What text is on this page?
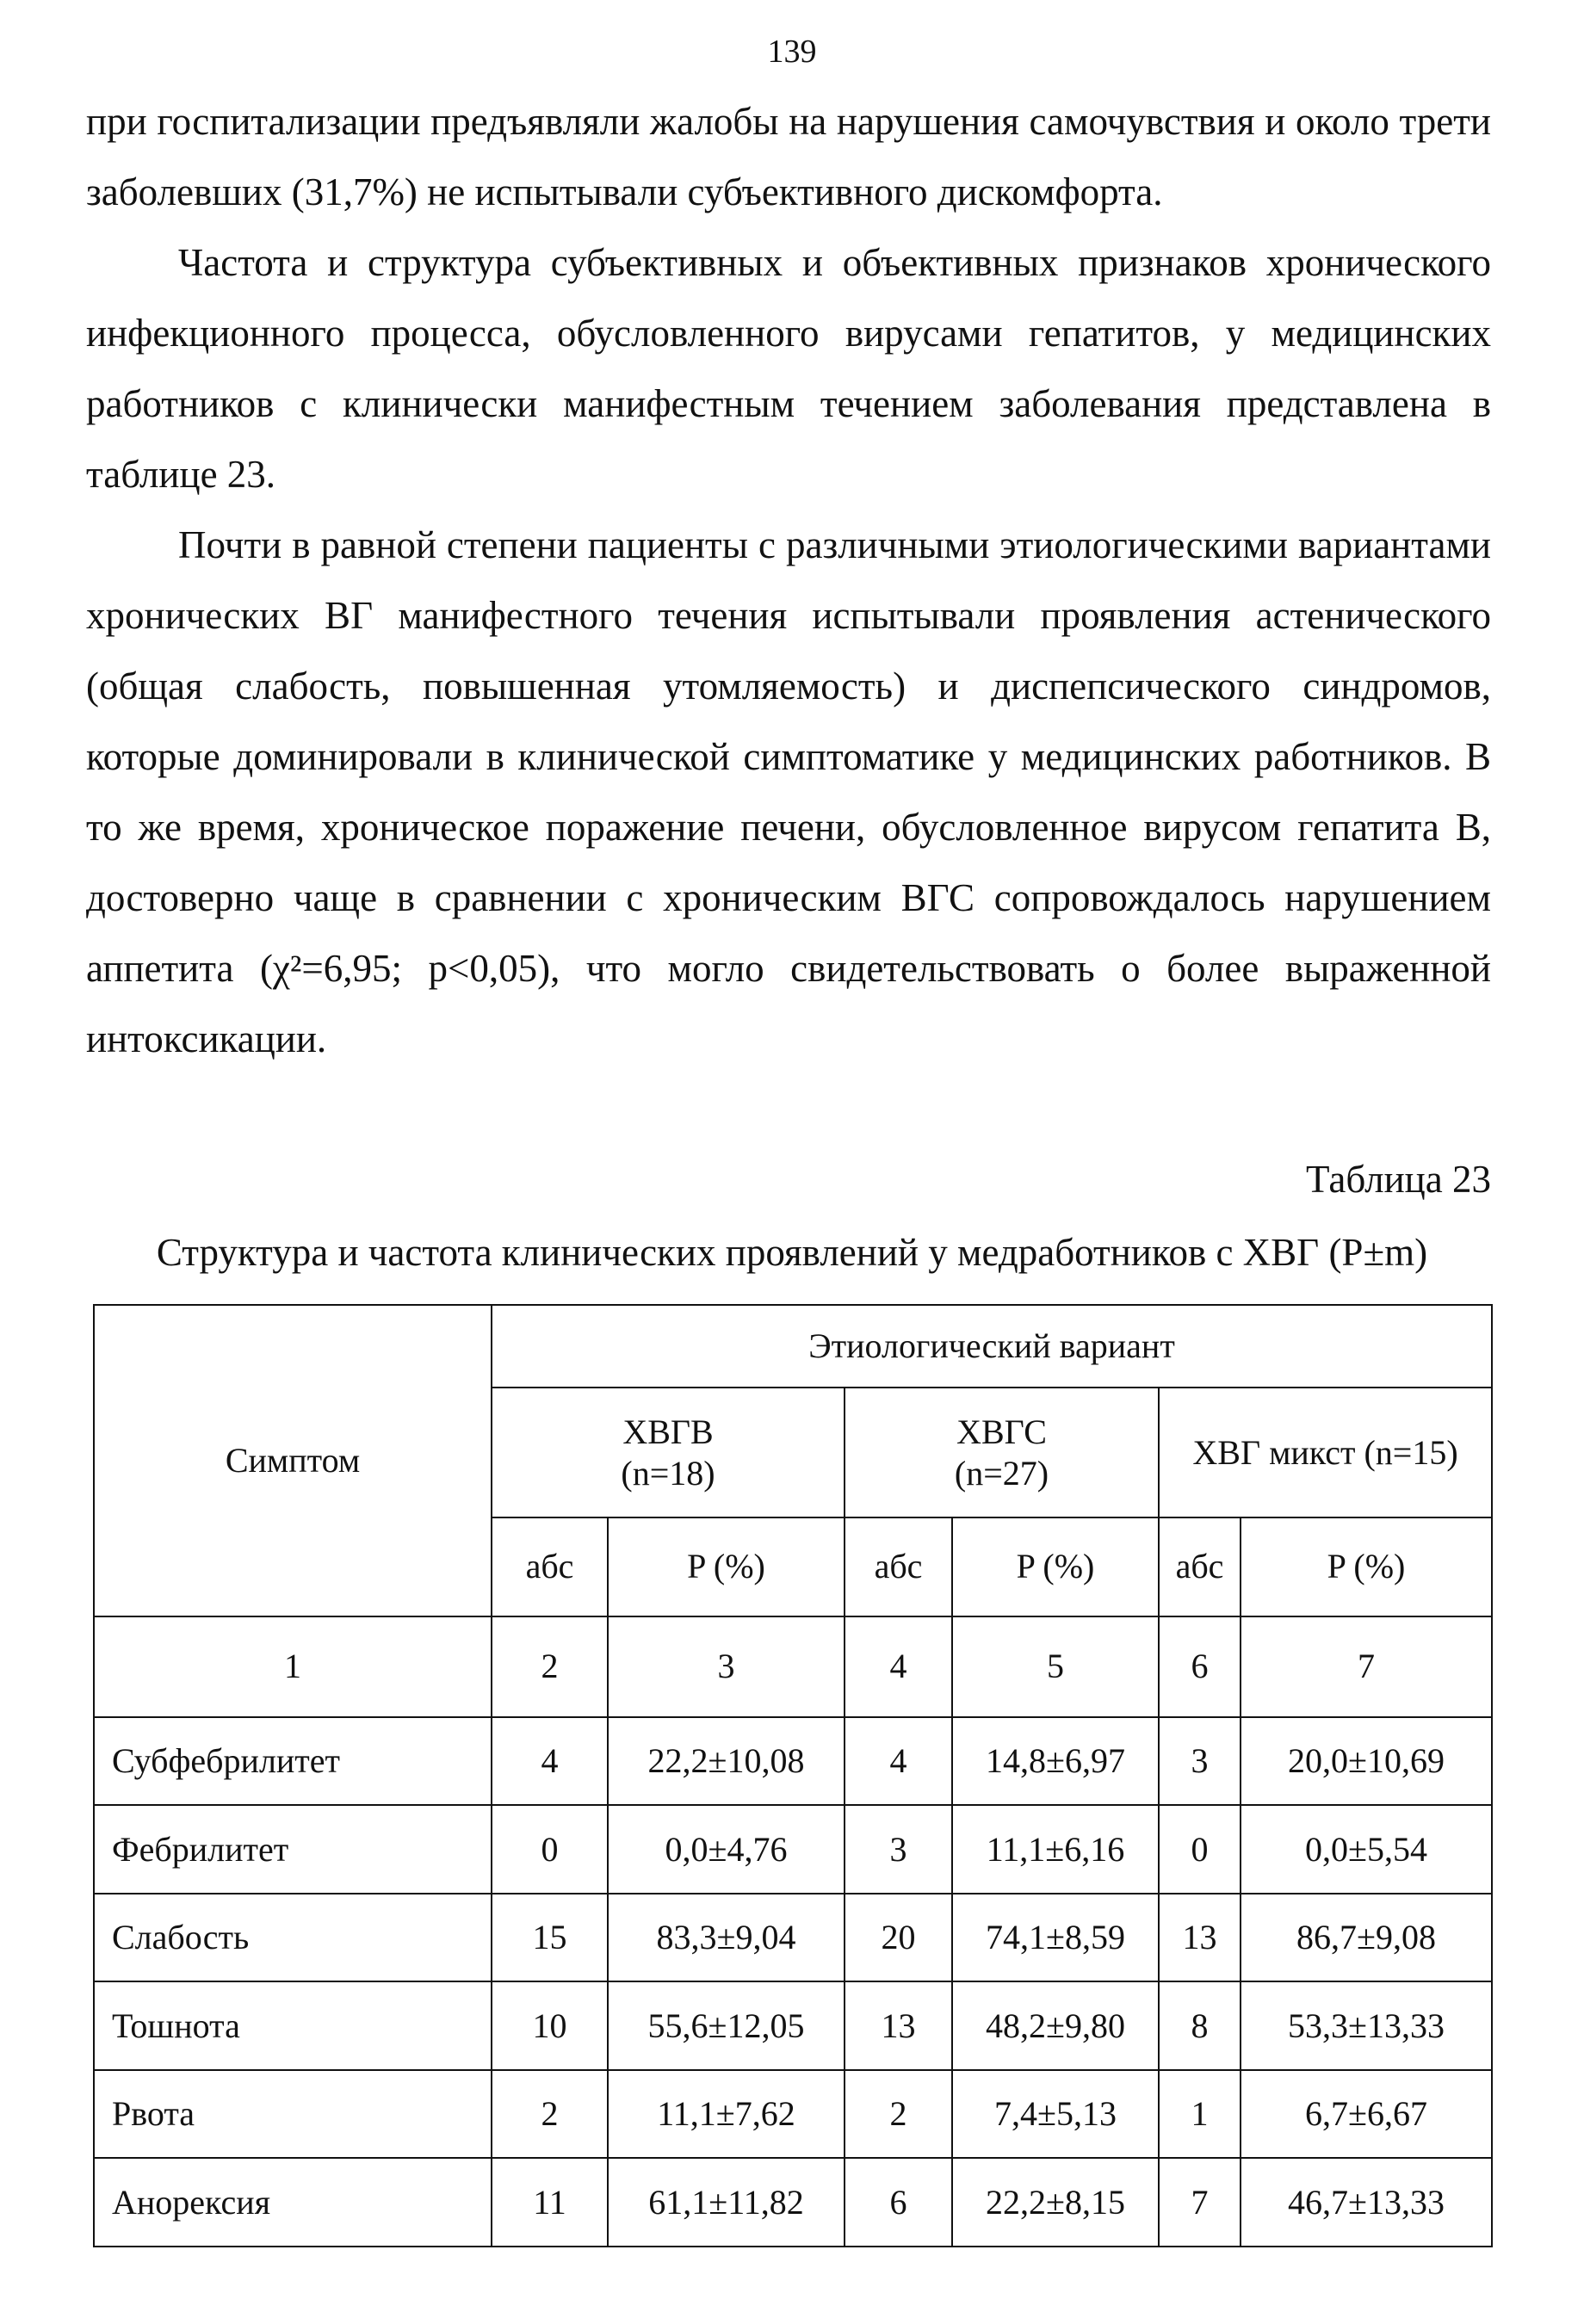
139

при госпитализации предъявляли жалобы на нарушения самочувствия и около трети заболевших (31,7%) не испытывали субъективного дискомфорта.

Частота и структура субъективных и объективных признаков хронического инфекционного процесса, обусловленного вирусами гепатитов, у медицинских работников с клинически манифестным течением заболевания представлена в таблице 23.

Почти в равной степени пациенты с различными этиологическими вариантами хронических ВГ манифестного течения испытывали проявления астенического (общая слабость, повышенная утомляемость) и диспепсического синдромов, которые доминировали в клинической симптоматике у медицинских работников. В то же время, хроническое поражение печени, обусловленное вирусом гепатита В, достоверно чаще в сравнении с хроническим ВГС сопровождалось нарушением аппетита (χ²=6,95; р<0,05), что могло свидетельствовать о более выраженной интоксикации.

Таблица 23
Структура и частота клинических проявлений у медработников с ХВГ (P±m)
Симптом	Этиологический вариант					

	ХВГВ
(n=18)		ХВГС
(n=27)		ХВГ микст (n=15)	
	абс	P (%)	абс	P (%)	абс	P (%)
1	2	3	4	5	6	7
Субфебрилитет	4	22,2±10,08	4	14,8±6,97	3	20,0±10,69
Фебрилитет	0	0,0±4,76	3	11,1±6,16	0	0,0±5,54
Слабость	15	83,3±9,04	20	74,1±8,59	13	86,7±9,08
Тошнота	10	55,6±12,05	13	48,2±9,80	8	53,3±13,33
Рвота	2	11,1±7,62	2	7,4±5,13	1	6,7±6,67
Анорексия	11	61,1±11,82	6	22,2±8,15	7	46,7±13,33
